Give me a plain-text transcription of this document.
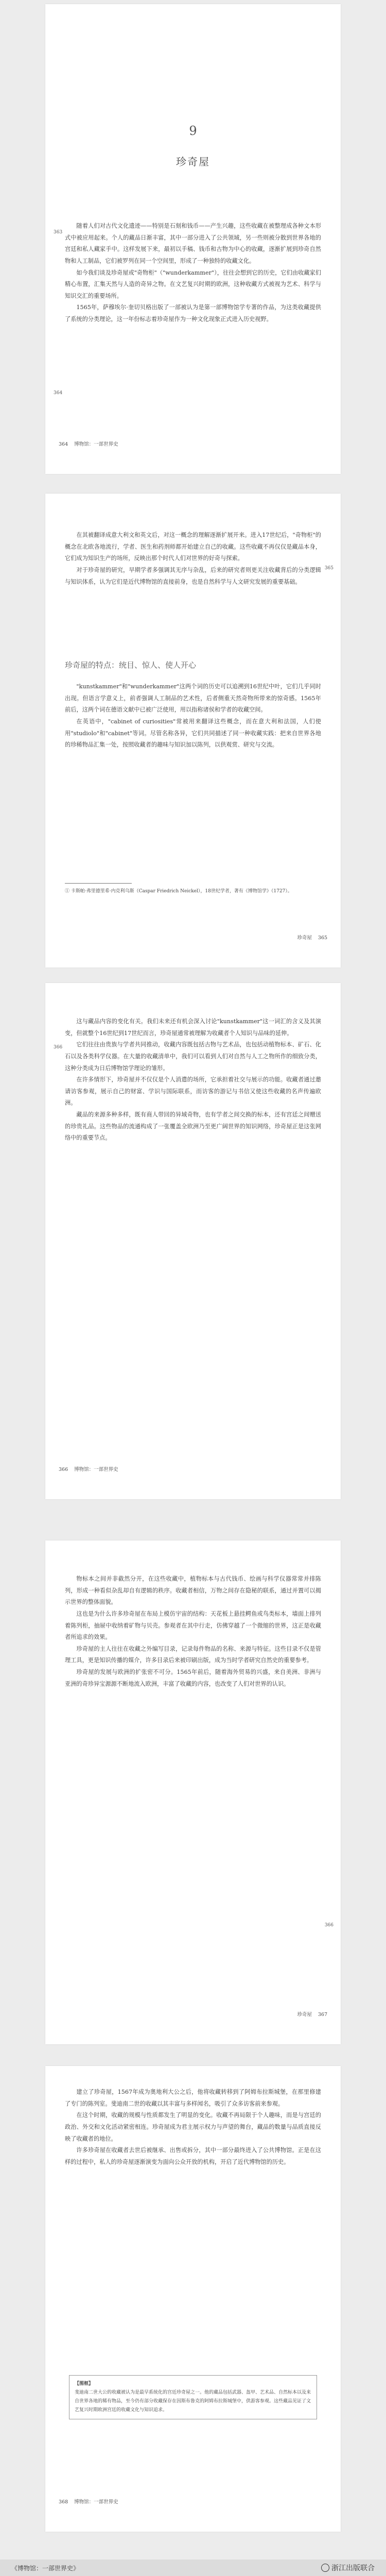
9
珍奇屋
363

随着人们对古代文化遗迹——特别是石刻和钱币——产生兴趣，这些收藏在被整理成各种文本形式中被应用起来。个人的藏品日渐丰富，其中一部分进入了公共领域，另一些则被分散到世界各地的宫廷和私人藏家手中。这样发展下来，最初以手稿、钱币和古物为中心的收藏，逐渐扩展到珍奇自然物和人工制品，它们被罗列在同一个空间里，形成了一种独特的收藏文化。

如今我们谈及珍奇屋或"奇物柜"（"wunderkammer"），往往会想到它的历史，它们由收藏家们精心布置，汇集天然与人造的奇异之物。在文艺复兴时期的欧洲，这种收藏方式被视为艺术、科学与知识交汇的重要场所。

1565年，萨穆埃尔·奎切贝格出版了一部被认为是第一部博物馆学专著的作品，为这类收藏提供了系统的分类理论，这一年份标志着珍奇屋作为一种文化现象正式进入历史视野。

364
364 博物馆：一部世界史

在其被翻译成意大利文和英文后，对这一概念的理解逐渐扩展开来。进入17世纪后，"奇物柜"的概念在北欧各地流行，学者、医生和药剂师都开始建立自己的收藏。这些收藏不再仅仅是藏品本身，它们成为知识生产的场所，反映出那个时代人们对世界的好奇与探索。

对于珍奇屋的研究，早期学者多强调其无序与杂乱，后来的研究者则更关注收藏背后的分类逻辑与知识体系，认为它们是近代博物馆的直接前身，也是自然科学与人文研究发展的重要基础。

365
珍奇屋的特点：统目、惊人、使人开心

"kunstkammer"和"wunderkammer"这两个词的历史可以追溯到16世纪中叶，它们几乎同时出现。但语言学意义上，前者强调人工制品的艺术性，后者侧重天然奇物所带来的惊奇感。1565年前后，这两个词在德语文献中已被广泛使用，用以指称诸侯和学者的收藏空间。

在英语中，"cabinet of curiosities"常被用来翻译这些概念，而在意大利和法国，人们使用"studiolo"和"cabinet"等词。尽管名称各异，它们共同描述了同一种收藏实践：把来自世界各地的珍稀物品汇集一处，按照收藏者的趣味与知识加以陈列，以供观赏、研究与交流。

① 卡斯帕·弗里德里希·内克利乌斯（Caspar Friedrich Neickel），18世纪学者，著有《博物馆学》（1727）。
珍奇屋 365
366

这与藏品内容的变化有关。我们未来还有机会深入讨论"kunstkammer"这一词汇的含义及其演变，但就整个16世纪到17世纪而言，珍奇屋通常被理解为收藏者个人知识与品味的延伸。

它们往往由贵族与学者共同推动，收藏内容既包括古物与艺术品，也包括动植物标本、矿石、化石以及各类科学仪器。在大量的收藏清单中，我们可以看到人们对自然与人工之物所作的细致分类，这种分类成为日后博物馆学理论的雏形。

在许多情形下，珍奇屋并不仅仅是个人消遣的场所，它承担着社交与展示的功能。收藏者通过邀请访客参观，展示自己的财富、学识与国际联系，而访客的游记与书信又使这些收藏的名声传遍欧洲。

藏品的来源多种多样，既有商人带回的异域奇物，也有学者之间交换的标本，还有宫廷之间赠送的珍贵礼品。这些物品的流通构成了一张覆盖全欧洲乃至更广阔世界的知识网络，珍奇屋正是这张网络中的重要节点。

366 博物馆：一部世界史

物标本之间并非截然分开，在这些收藏中，植物标本与古代钱币、绘画与科学仪器常常并排陈列，形成一种看似杂乱却自有逻辑的秩序。收藏者相信，万物之间存在隐秘的联系，通过并置可以揭示世界的整体面貌。

这也是为什么许多珍奇屋在布局上模仿宇宙的结构：天花板上悬挂鳄鱼或鸟类标本，墙面上排列着陈列柜，抽屉中收纳着矿物与贝壳。参观者在其中行走，仿佛穿越了一个微缩的世界，这正是收藏者所追求的效果。

珍奇屋的主人往往在收藏之外编写目录，记录每件物品的名称、来源与特征。这些目录不仅是管理工具，更是知识传播的媒介，许多目录后来被印刷出版，成为当时学者研究自然史的重要参考。

珍奇屋的发展与欧洲的扩张密不可分。1565年前后，随着海外贸易的兴盛，来自美洲、非洲与亚洲的奇珍异宝源源不断地流入欧洲，丰富了收藏的内容，也改变了人们对世界的认识。

366
珍奇屋 367

建立了珍奇屋，1567年成为奥地利大公之后，他将收藏转移到了阿姆布拉斯城堡，在那里修建了专门的陈列室。斐迪南二世的收藏以其丰富与多样闻名，吸引了众多访客前来参观。

在这个时期，收藏的规模与性质都发生了明显的变化。收藏不再局限于个人趣味，而是与宫廷的政治、外交和文化活动紧密相连。珍奇屋成为君主展示权力与声望的舞台，藏品的数量与品质直接反映了收藏者的地位。

许多珍奇屋在收藏者去世后被继承、出售或拆分，其中一部分最终进入了公共博物馆。正是在这样的过程中，私人的珍奇屋逐渐演变为面向公众开放的机构，开启了近代博物馆的历史。

【图框】
斐迪南二世大公的收藏被认为是最早系统化的宫廷珍奇屋之一。他的藏品包括武器、盔甲、艺术品、自然标本以及来自世界各地的稀有物品，至今仍有部分收藏保存在因斯布鲁克的阿姆布拉斯城堡中，供游客参观。这些藏品见证了文艺复兴时期欧洲宫廷的收藏文化与知识追求。
368 博物馆：一部世界史
《博物馆：一部世界史》	浙江出版联合
